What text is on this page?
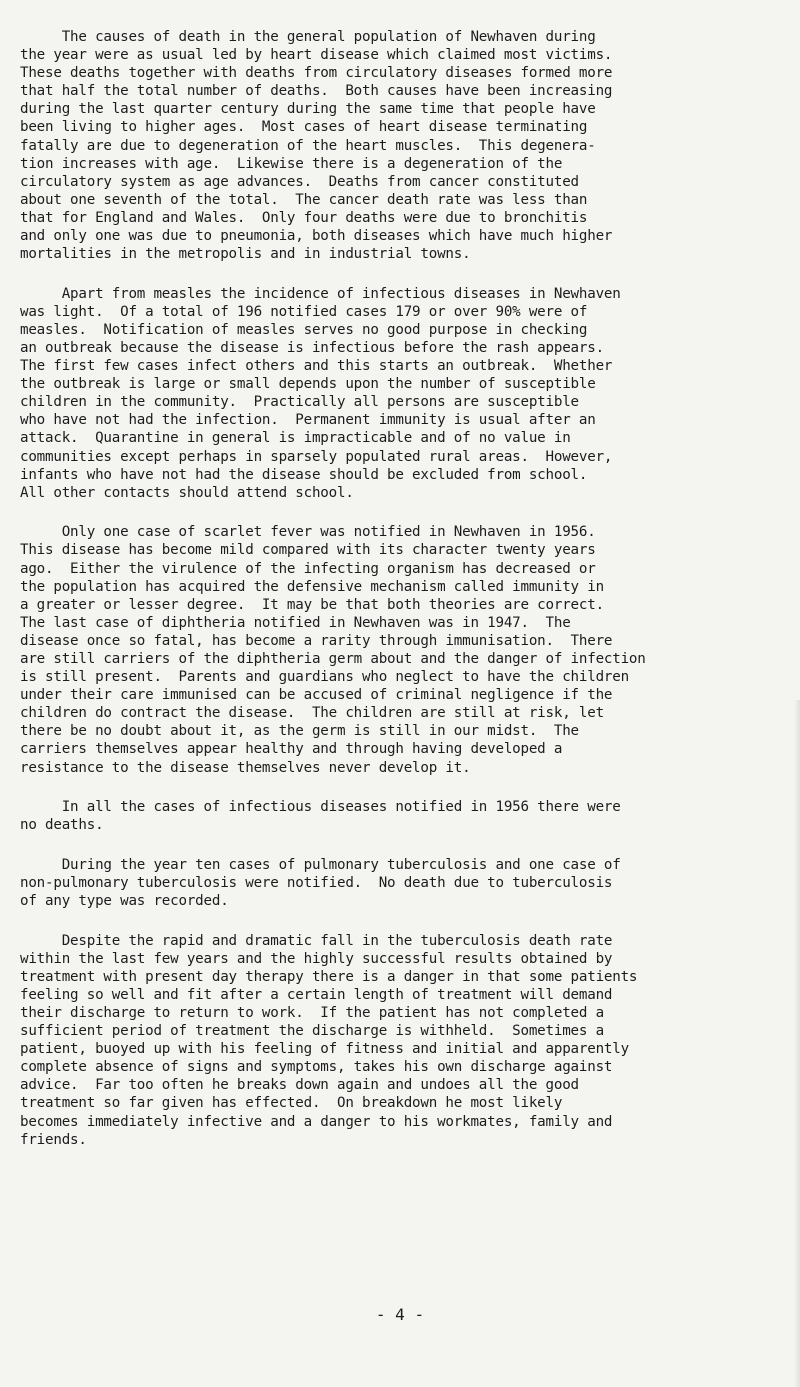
The causes of death in the general population of Newhaven during
the year were as usual led by heart disease which claimed most victims.
These deaths together with deaths from circulatory diseases formed more
that half the total number of deaths.  Both causes have been increasing
during the last quarter century during the same time that people have
been living to higher ages.  Most cases of heart disease terminating
fatally are due to degeneration of the heart muscles.  This degenera-
tion increases with age.  Likewise there is a degeneration of the
circulatory system as age advances.  Deaths from cancer constituted
about one seventh of the total.  The cancer death rate was less than
that for England and Wales.  Only four deaths were due to bronchitis
and only one was due to pneumonia, both diseases which have much higher
mortalities in the metropolis and in industrial towns.
Apart from measles the incidence of infectious diseases in Newhaven
was light.  Of a total of 196 notified cases 179 or over 90% were of
measles.  Notification of measles serves no good purpose in checking
an outbreak because the disease is infectious before the rash appears.
The first few cases infect others and this starts an outbreak.  Whether
the outbreak is large or small depends upon the number of susceptible
children in the community.  Practically all persons are susceptible
who have not had the infection.  Permanent immunity is usual after an
attack.  Quarantine in general is impracticable and of no value in
communities except perhaps in sparsely populated rural areas.  However,
infants who have not had the disease should be excluded from school.
All other contacts should attend school.
Only one case of scarlet fever was notified in Newhaven in 1956.
This disease has become mild compared with its character twenty years
ago.  Either the virulence of the infecting organism has decreased or
the population has acquired the defensive mechanism called immunity in
a greater or lesser degree.  It may be that both theories are correct.
The last case of diphtheria notified in Newhaven was in 1947.  The
disease once so fatal, has become a rarity through immunisation.  There
are still carriers of the diphtheria germ about and the danger of infection
is still present.  Parents and guardians who neglect to have the children
under their care immunised can be accused of criminal negligence if the
children do contract the disease.  The children are still at risk, let
there be no doubt about it, as the germ is still in our midst.  The
carriers themselves appear healthy and through having developed a
resistance to the disease themselves never develop it.
In all the cases of infectious diseases notified in 1956 there were
no deaths.
During the year ten cases of pulmonary tuberculosis and one case of
non-pulmonary tuberculosis were notified.  No death due to tuberculosis
of any type was recorded.
Despite the rapid and dramatic fall in the tuberculosis death rate
within the last few years and the highly successful results obtained by
treatment with present day therapy there is a danger in that some patients
feeling so well and fit after a certain length of treatment will demand
their discharge to return to work.  If the patient has not completed a
sufficient period of treatment the discharge is withheld.  Sometimes a
patient, buoyed up with his feeling of fitness and initial and apparently
complete absence of signs and symptoms, takes his own discharge against
advice.  Far too often he breaks down again and undoes all the good
treatment so far given has effected.  On breakdown he most likely
becomes immediately infective and a danger to his workmates, family and
friends.
- 4 -
